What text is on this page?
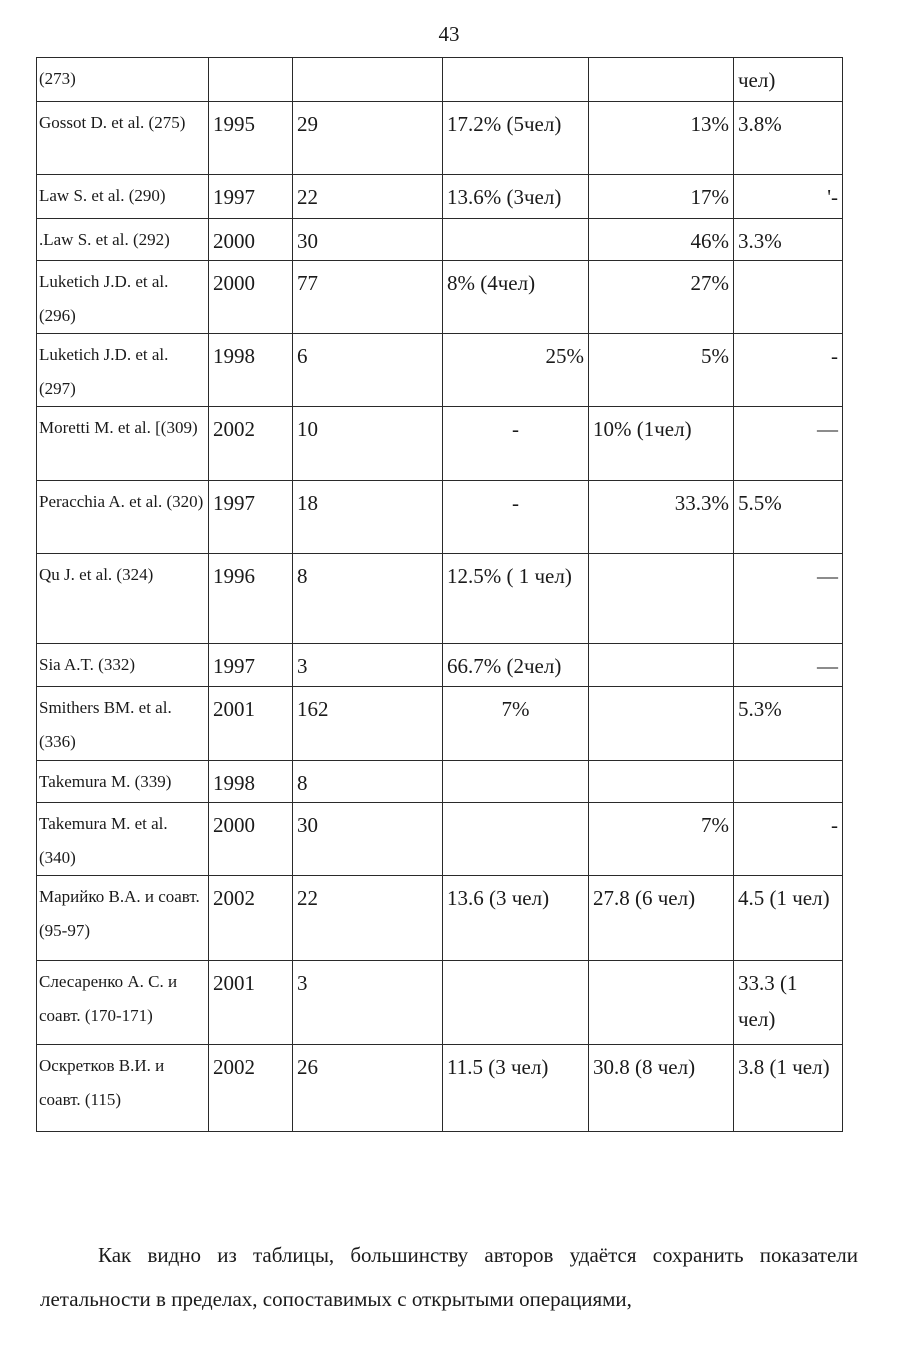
43
(273)					чел)
Gossot D. et al. (275)	1995	29	17.2% (5чел)	13%	3.8%
Law S. et al. (290)	1997	22	13.6% (3чел)	17%	'-
.Law S. et al. (292)	2000	30		46%	3.3%
Luketich J.D. et al. (296)	2000	77	8% (4чел)	27%	
Luketich J.D. et al. (297)	1998	6	25%	5%	-
Moretti M. et al. [(309)	2002	10	-	10% (1чел)	—
Peracchia A. et al. (320)	1997	18	-	33.3%	5.5%
Qu J. et al. (324)	1996	8	12.5% ( 1 чел)		—
Sia A.T. (332)	1997	3	66.7% (2чел)		—
Smithers BM. et al. (336)	2001	162	7%		5.3%
Takemura M. (339)	1998	8			
Takemura M. et al. (340)	2000	30		7%	-
Марийко В.А. и соавт. (95-97)	2002	22	13.6 (3 чел)	27.8 (6 чел)	4.5 (1 чел)
Слесаренко А. С. и соавт. (170-171)	2001	3			33.3 (1 чел)
Оскретков В.И. и соавт. (115)	2002	26	11.5 (3 чел)	30.8 (8 чел)	3.8 (1 чел)

Как видно из таблицы, большинству авторов удаётся сохранить показатели летальности в пределах, сопоставимых с открытыми операциями,
